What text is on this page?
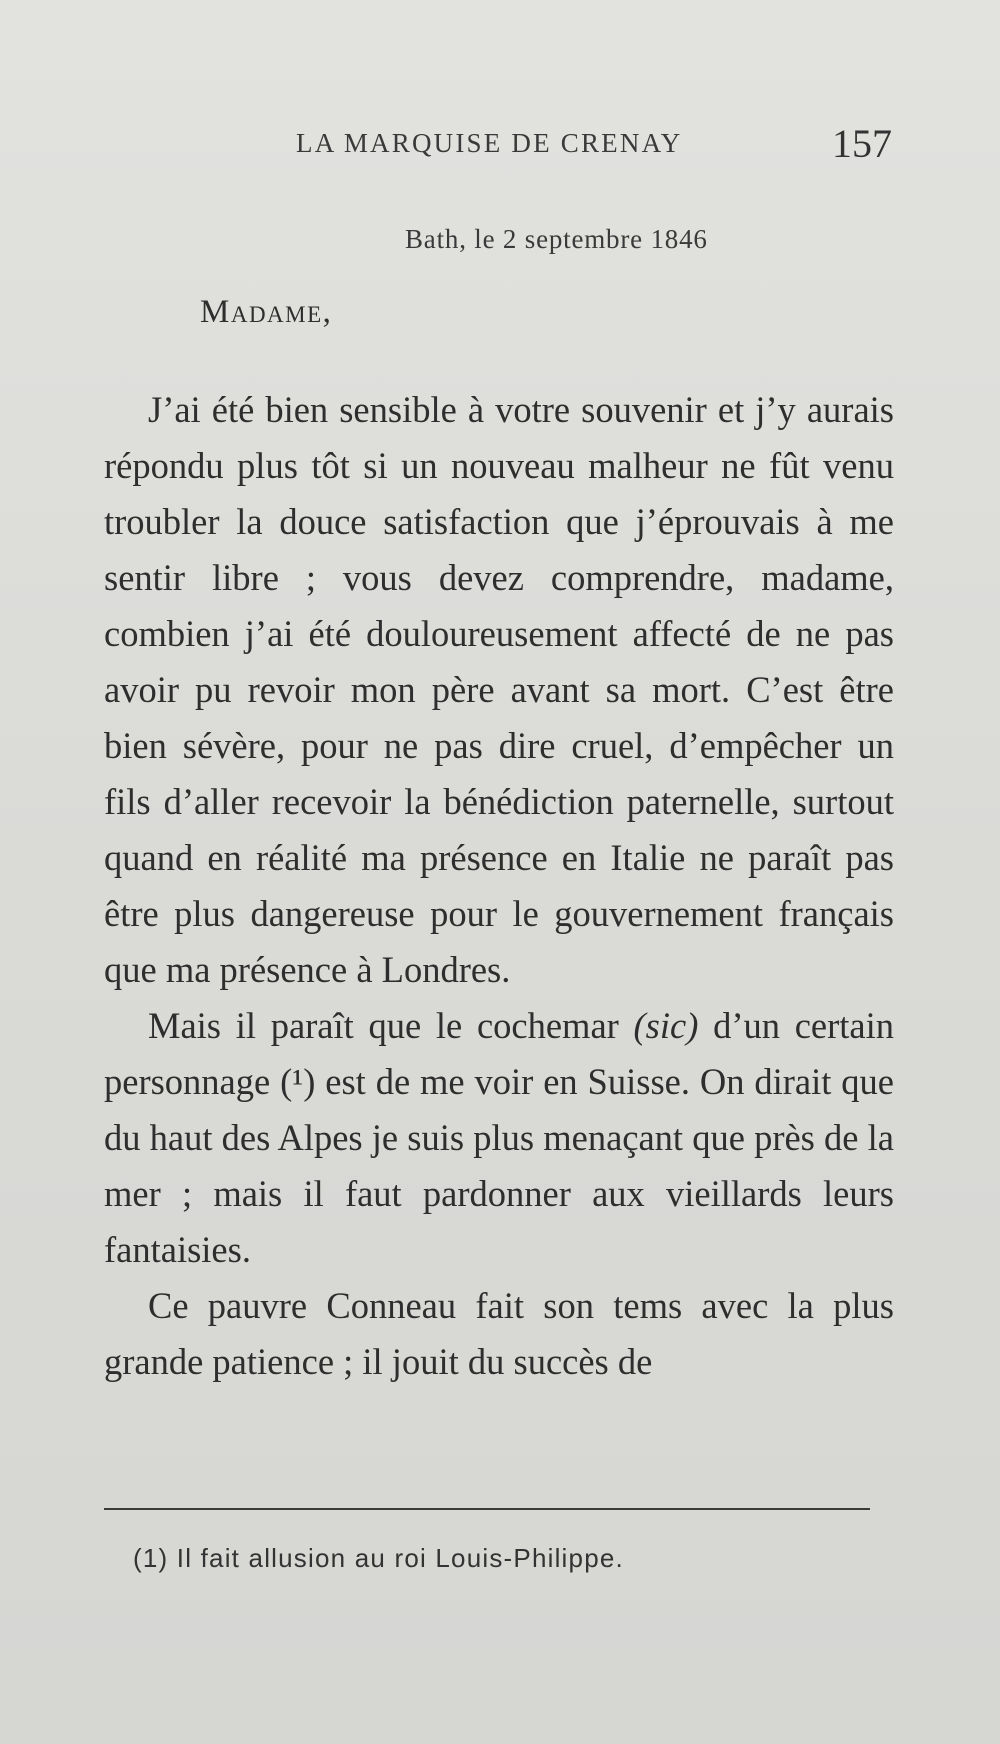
LA MARQUISE DE CRENAY	157
Bath, le 2 septembre 1846
Madame,

J’ai été bien sensible à votre souvenir et j’y aurais répondu plus tôt si un nouveau malheur ne fût venu troubler la douce satisfaction que j’éprouvais à me sentir libre ; vous devez comprendre, madame, combien j’ai été douloureusement affecté de ne pas avoir pu revoir mon père avant sa mort. C’est être bien sévère, pour ne pas dire cruel, d’empêcher un fils d’aller recevoir la bénédiction paternelle, surtout quand en réalité ma présence en Italie ne paraît pas être plus dangereuse pour le gouvernement français que ma présence à Londres.

Mais il paraît que le cochemar (sic) d’un certain personnage (¹) est de me voir en Suisse. On dirait que du haut des Alpes je suis plus menaçant que près de la mer ; mais il faut pardonner aux vieillards leurs fantaisies.

Ce pauvre Conneau fait son tems avec la plus grande patience ; il jouit du succès de

(1) Il fait allusion au roi Louis-Philippe.
